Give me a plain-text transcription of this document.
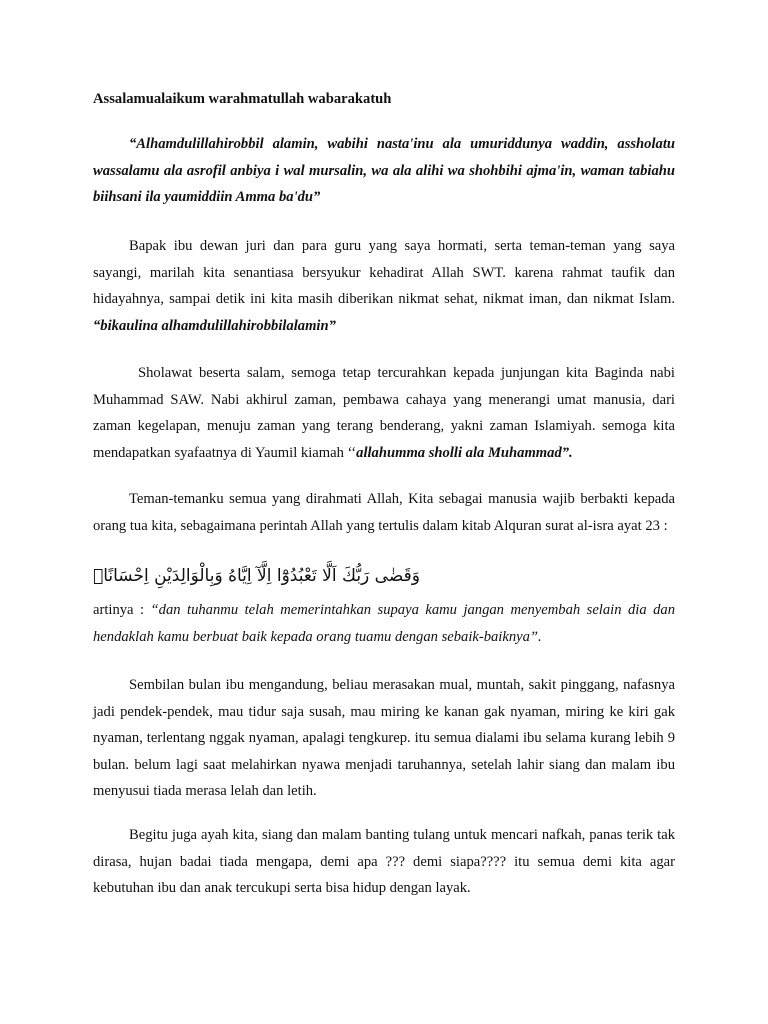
Assalamualaikum warahmatullah wabarakatuh

“Alhamdulillahirobbil alamin, wabihi nasta'inu ala umuriddunya waddin, assholatu wassalamu ala asrofil anbiya i wal mursalin, wa ala alihi wa shohbihi ajma'in, waman tabiahu biihsani ila yaumiddiin Amma ba'du”

Bapak ibu dewan juri dan para guru yang saya hormati, serta teman-teman yang saya sayangi, marilah kita senantiasa bersyukur kehadirat Allah SWT. karena rahmat taufik dan hidayahnya, sampai detik ini kita masih diberikan nikmat sehat, nikmat iman, dan nikmat Islam. “bikaulina alhamdulillahirobbilalamin”

Sholawat beserta salam, semoga tetap tercurahkan kepada junjungan kita Baginda nabi Muhammad SAW. Nabi akhirul zaman, pembawa cahaya yang menerangi umat manusia, dari zaman kegelapan, menuju zaman yang terang benderang, yakni zaman Islamiyah. semoga kita mendapatkan syafaatnya di Yaumil kiamah ‘‘allahumma sholli ala Muhammad”.

Teman-temanku semua yang dirahmati Allah, Kita sebagai manusia wajib berbakti kepada orang tua kita, sebagaimana perintah Allah yang tertulis dalam kitab Alquran surat al-isra ayat 23 :

وَقَضٰى رَبُّكَ اَلَّا تَعْبُدُوْٓا اِلَّآ اِيَّاهُ وَبِالْوَالِدَيْنِ اِحْسَانًاۗ

artinya : “dan tuhanmu telah memerintahkan supaya kamu jangan menyembah selain dia dan hendaklah kamu berbuat baik kepada orang tuamu dengan sebaik-baiknya”.

Sembilan bulan ibu mengandung, beliau merasakan mual, muntah, sakit pinggang, nafasnya jadi pendek-pendek, mau tidur saja susah, mau miring ke kanan gak nyaman, miring ke kiri gak nyaman, terlentang nggak nyaman, apalagi tengkurep. itu semua dialami ibu selama kurang lebih 9 bulan. belum lagi saat melahirkan nyawa menjadi taruhannya, setelah lahir siang dan malam ibu menyusui tiada merasa lelah dan letih.

Begitu juga ayah kita, siang dan malam banting tulang untuk mencari nafkah, panas terik tak dirasa, hujan badai tiada mengapa, demi apa ??? demi siapa???? itu semua demi kita agar kebutuhan ibu dan anak tercukupi serta bisa hidup dengan layak.
